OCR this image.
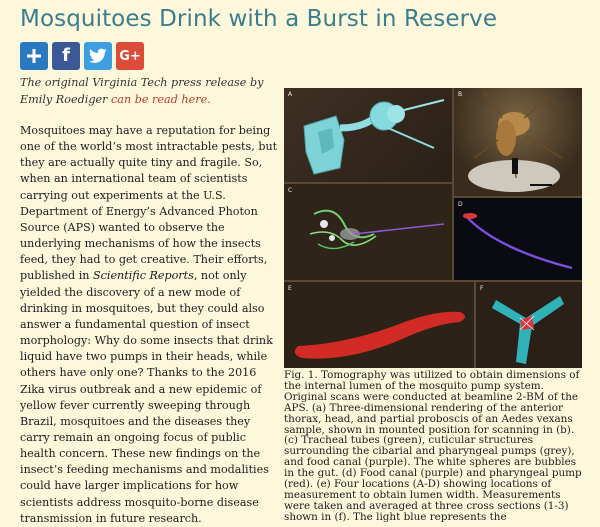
Mosquitoes Drink with a Burst in Reserve
f	G+
The original Virginia Tech press release by Emily Roediger can be read here.
Mosquitoes may have a reputation for being one of the world’s most intractable pests, but they are actually quite tiny and fragile. So, when an international team of scientists carrying out experiments at the U.S. Department of Energy’s Advanced Photon Source (APS) wanted to observe the underlying mechanisms of how the insects feed, they had to get creative. Their efforts, published in Scientific Reports, not only yielded the discovery of a new mode of drinking in mosquitoes, but they could also answer a fundamental question of insect morphology: Why do some insects that drink liquid have two pumps in their heads, while others have only one? Thanks to the 2016 Zika virus outbreak and a new epidemic of yellow fever currently sweeping through Brazil, mosquitoes and the diseases they carry remain an ongoing focus of public health concern. These new findings on the insect’s feeding mechanisms and modalities could have larger implications for how scientists address mosquito-borne disease transmission in future research.
A	B
C
D
E	F
Fig. 1. Tomography was utilized to obtain dimensions of the internal lumen of the mosquito pump system. Original scans were conducted at beamline 2-BM of the APS. (a) Three-dimensional rendering of the anterior thorax, head, and partial proboscis of an Aedes vexans sample, shown in mounted position for scanning in (b). (c) Tracheal tubes (green), cuticular structures surrounding the cibarial and pharyngeal pumps (grey), and food canal (purple). The white spheres are bubbles in the gut. (d) Food canal (purple) and pharyngeal pump (red). (e) Four locations (A-D) showing locations of measurement to obtain lumen width. Measurements were taken and averaged at three cross sections (1-3) shown in (f). The light blue represents the
